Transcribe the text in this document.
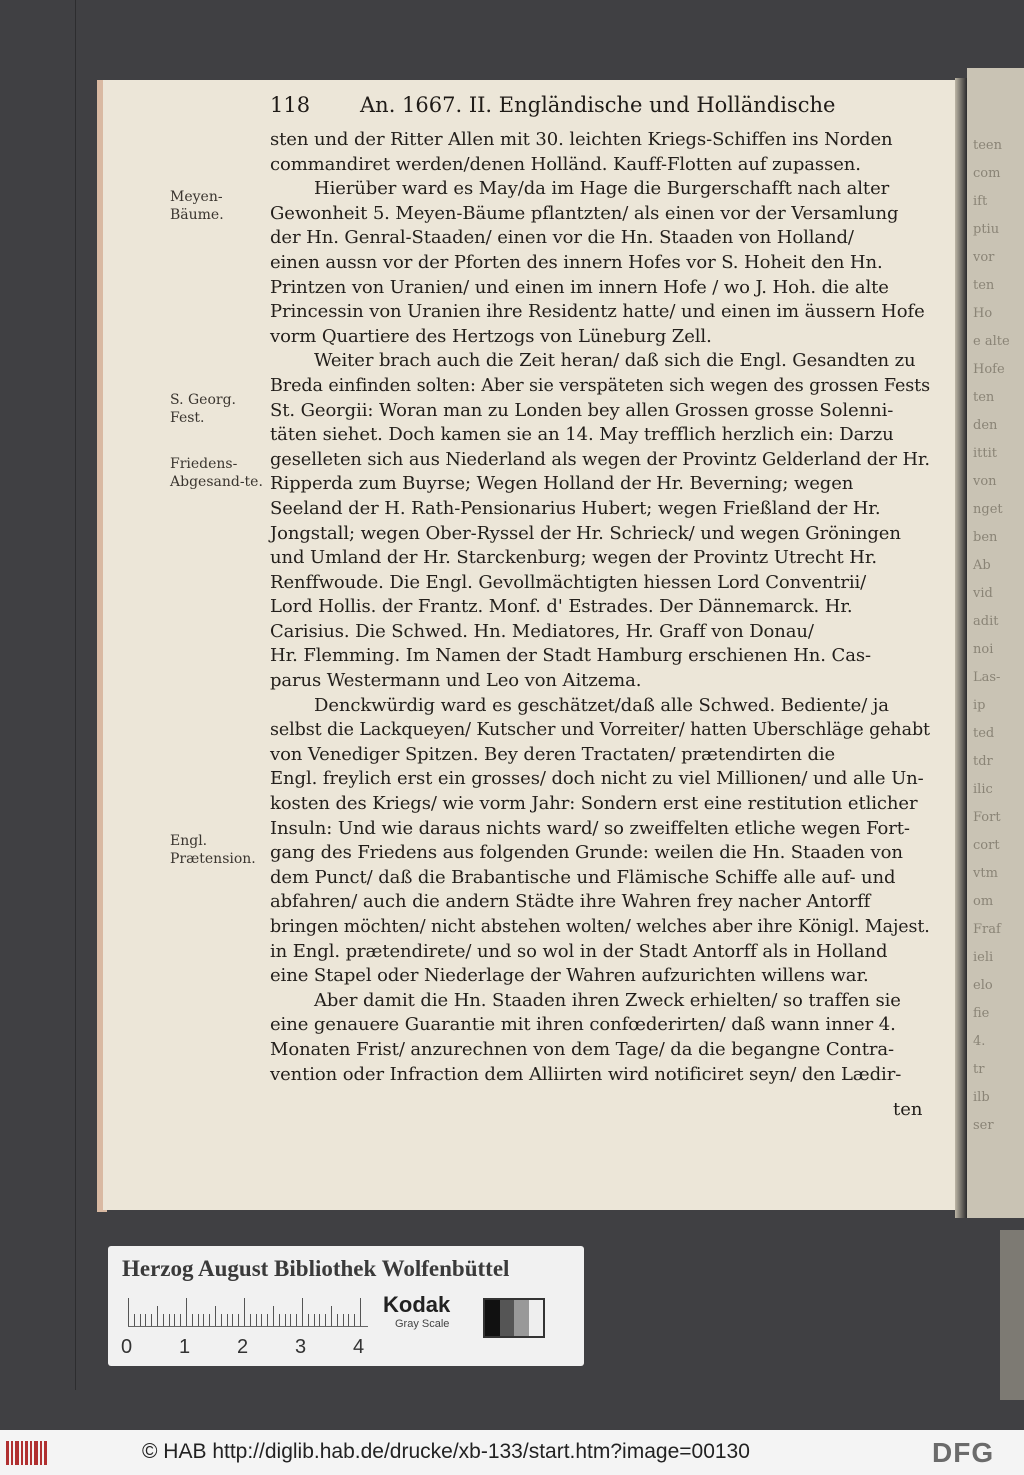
teen
com
ift
ptiu
vor
ten
Ho
e alte
Hofe
ten
den
ittit
von
nget
ben
Ab
vid
adit
noi
Las-
ip
ted
tdr
ilic
Fort
cort
vtm
om
Fraf
ieli
elo
fie
4.
tr
ilb
ser
118 An. 1667. II. Engländische und Holländische
sten und der Ritter Allen mit 30. leichten Kriegs-Schiffen ins Norden
commandiret werden/denen Holländ. Kauff-Flotten auf zupassen.
Hierüber ward es May/da im Hage die Burgerschafft nach alter
Gewonheit 5. Meyen-Bäume pflantzten/ als einen vor der Versamlung
der Hn. Genral-Staaden/ einen vor die Hn. Staaden von Holland/
einen aussn vor der Pforten des innern Hofes vor S. Hoheit den Hn.
Printzen von Uranien/ und einen im innern Hofe / wo J. Hoh. die alte
Princessin von Uranien ihre Residentz hatte/ und einen im äussern Hofe
vorm Quartiere des Hertzogs von Lüneburg Zell.
Weiter brach auch die Zeit heran/ daß sich die Engl. Gesandten zu
Breda einfinden solten: Aber sie verspäteten sich wegen des grossen Fests
St. Georgii: Woran man zu Londen bey allen Grossen grosse Solenni-
täten siehet. Doch kamen sie an 14. May trefflich herzlich ein: Darzu
geselleten sich aus Niederland als wegen der Provintz Gelderland der Hr.
Ripperda zum Buyrse; Wegen Holland der Hr. Beverning; wegen
Seeland der H. Rath-Pensionarius Hubert; wegen Frießland der Hr.
Jongstall; wegen Ober-Ryssel der Hr. Schrieck/ und wegen Gröningen
und Umland der Hr. Starckenburg; wegen der Provintz Utrecht Hr.
Renffwoude. Die Engl. Gevollmächtigten hiessen Lord Conventrii/
Lord Hollis. der Frantz. Monf. d' Estrades. Der Dännemarck. Hr.
Carisius. Die Schwed. Hn. Mediatores, Hr. Graff von Donau/
Hr. Flemming. Im Namen der Stadt Hamburg erschienen Hn. Cas-
parus Westermann und Leo von Aitzema.
Denckwürdig ward es geschätzet/daß alle Schwed. Bediente/ ja
selbst die Lackqueyen/ Kutscher und Vorreiter/ hatten Uberschläge gehabt
von Venediger Spitzen. Bey deren Tractaten/ prætendirten die
Engl. freylich erst ein grosses/ doch nicht zu viel Millionen/ und alle Un-
kosten des Kriegs/ wie vorm Jahr: Sondern erst eine restitution etlicher
Insuln: Und wie daraus nichts ward/ so zweiffelten etliche wegen Fort-
gang des Friedens aus folgenden Grunde: weilen die Hn. Staaden von
dem Punct/ daß die Brabantische und Flämische Schiffe alle auf- und
abfahren/ auch die andern Städte ihre Wahren frey nacher Antorff
bringen möchten/ nicht abstehen wolten/ welches aber ihre Königl. Majest.
in Engl. prætendirete/ und so wol in der Stadt Antorff als in Holland
eine Stapel oder Niederlage der Wahren aufzurichten willens war.
Aber damit die Hn. Staaden ihren Zweck erhielten/ so traffen sie
eine genauere Guarantie mit ihren confœderirten/ daß wann inner 4.
Monaten Frist/ anzurechnen von dem Tage/ da die begangne Contra-
vention oder Infraction dem Alliirten wird notificiret seyn/ den Lædir-
ten
Meyen-Bäume.
S. Georg. Fest.
Friedens-Abgesand-te.
Engl. Prætension.
Herzog August Bibliothek Wolfenbüttel
0 1 2 3 4
Kodak
Gray Scale
© HAB http://diglib.hab.de/drucke/xb-133/start.htm?image=00130	DFG
